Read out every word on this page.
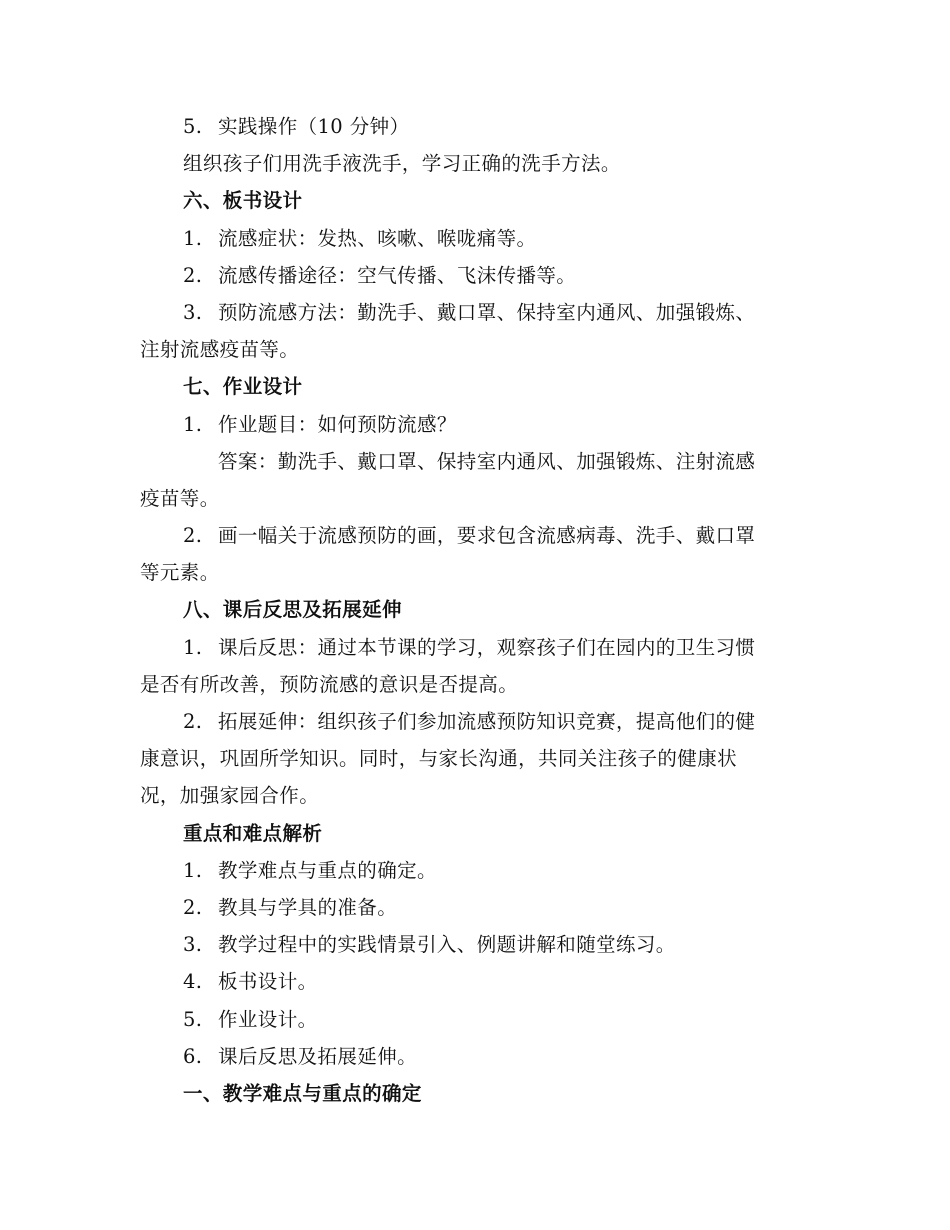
5. 实践操作（10 分钟）
组织孩子们用洗手液洗手，学习正确的洗手方法。
六、板书设计
1. 流感症状：发热、咳嗽、喉咙痛等。
2. 流感传播途径：空气传播、飞沫传播等。
3. 预防流感方法：勤洗手、戴口罩、保持室内通风、加强锻炼、
注射流感疫苗等。
七、作业设计
1. 作业题目：如何预防流感？
答案：勤洗手、戴口罩、保持室内通风、加强锻炼、注射流感
疫苗等。
2. 画一幅关于流感预防的画，要求包含流感病毒、洗手、戴口罩
等元素。
八、课后反思及拓展延伸
1. 课后反思：通过本节课的学习，观察孩子们在园内的卫生习惯
是否有所改善，预防流感的意识是否提高。
2. 拓展延伸：组织孩子们参加流感预防知识竞赛，提高他们的健
康意识，巩固所学知识。同时，与家长沟通，共同关注孩子的健康状
况，加强家园合作。
重点和难点解析
1. 教学难点与重点的确定。
2. 教具与学具的准备。
3. 教学过程中的实践情景引入、例题讲解和随堂练习。
4. 板书设计。
5. 作业设计。
6. 课后反思及拓展延伸。
一、教学难点与重点的确定
